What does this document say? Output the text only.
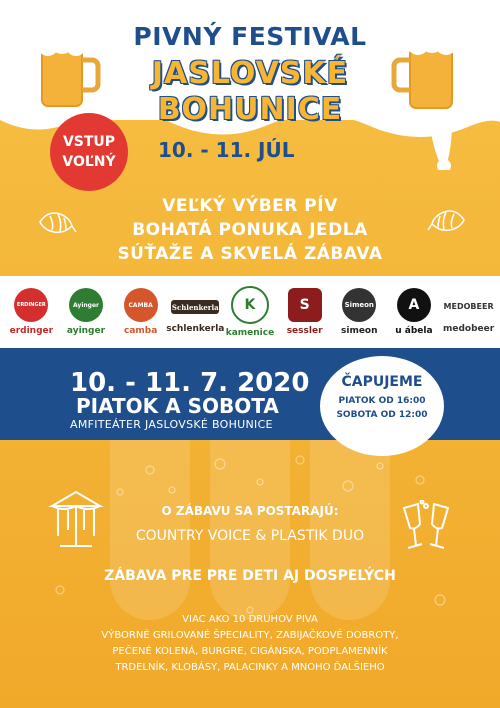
PIVNÝ FESTIVAL
JASLOVSKÉ
BOHUNICE
10. - 11. JÚL
VSTUP
VOĽNÝ
VEĽKÝ VÝBER PÍV
BOHATÁ PONUKA JEDLA
SÚŤAŽE A SKVELÁ ZÁBAVA
ERDINGER
erdinger
Ayinger
ayinger
CAMBA
camba
Schlenkerla
schlenkerla
K
kamenice
S
sessler
Simeon
simeon
A
u ábela
MEDOBEER
medobeer
10. - 11. 7. 2020
PIATOK A SOBOTA
AMFITEÁTER JASLOVSKÉ BOHUNICE
ČAPUJEME
PIATOK OD 16:00
SOBOTA OD 12:00
O ZÁBAVU SA POSTARAJÚ:
COUNTRY VOICE & PLASTIK DUO
ZÁBAVA PRE PRE DETI AJ DOSPELÝCH
VIAC AKO 10 DRUHOV PIVA
VÝBORNÉ GRILOVANÉ ŠPECIALITY, ZABIJAČKOVÉ DOBROTY,
PEČENÉ KOLENÁ, BURGRE, CIGÁNSKA, PODPLAMENNÍK
TRDELNÍK, KLOBÁSY, PALACINKY A MNOHO ĎALŠIEHO
